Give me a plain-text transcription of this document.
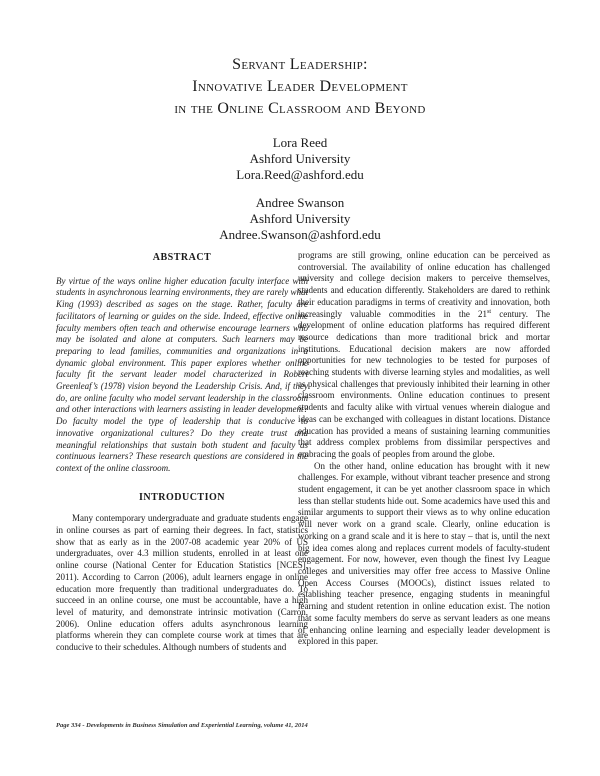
Servant Leadership:
Innovative Leader Development
in the Online Classroom and Beyond
Lora Reed
Ashford University
Lora.Reed@ashford.edu
Andree Swanson
Ashford University
Andree.Swanson@ashford.edu
ABSTRACT

By virtue of the ways online higher education faculty interface with students in asynchronous learning environments, they are rarely what King (1993) described as sages on the stage. Rather, faculty are facilitators of learning or guides on the side. Indeed, effective online faculty members often teach and otherwise encourage learners who may be isolated and alone at computers. Such learners may be preparing to lead families, communities and organizations in a dynamic global environment. This paper explores whether online faculty fit the servant leader model characterized in Robert Greenleaf’s (1978) vision beyond the Leadership Crisis. And, if they do, are online faculty who model servant leadership in the classroom and other interactions with learners assisting in leader development? Do faculty model the type of leadership that is conducive to innovative organizational cultures? Do they create trust and meaningful relationships that sustain both student and faculty as continuous learners? These research questions are considered in the context of the online classroom.

INTRODUCTION

Many contemporary undergraduate and graduate students engage in online courses as part of earning their degrees. In fact, statistics show that as early as in the 2007-08 academic year 20% of US undergraduates, over 4.3 million students, enrolled in at least one online course (National Center for Education Statistics [NCES], 2011). According to Carron (2006), adult learners engage in online education more frequently than traditional undergraduates do. To succeed in an online course, one must be accountable, have a high level of maturity, and demonstrate intrinsic motivation (Carron, 2006). Online education offers adults asynchronous learning platforms wherein they can complete course work at times that are conducive to their schedules. Although numbers of students and

programs are still growing, online education can be perceived as controversial. The availability of online education has challenged university and college decision makers to perceive themselves, students and education differently. Stakeholders are dared to rethink their education paradigms in terms of creativity and innovation, both increasingly valuable commodities in the 21st century. The development of online education platforms has required different resource dedications than more traditional brick and mortar institutions. Educational decision makers are now afforded opportunities for new technologies to be tested for purposes of reaching students with diverse learning styles and modalities, as well as physical challenges that previously inhibited their learning in other classroom environments. Online education continues to present students and faculty alike with virtual venues wherein dialogue and ideas can be exchanged with colleagues in distant locations. Distance education has provided a means of sustaining learning communities that address complex problems from dissimilar perspectives and embracing the goals of peoples from around the globe.

On the other hand, online education has brought with it new challenges. For example, without vibrant teacher presence and strong student engagement, it can be yet another classroom space in which less than stellar students hide out. Some academics have used this and similar arguments to support their views as to why online education will never work on a grand scale. Clearly, online education is working on a grand scale and it is here to stay – that is, until the next big idea comes along and replaces current models of faculty-student engagement. For now, however, even though the finest Ivy League colleges and universities may offer free access to Massive Online Open Access Courses (MOOCs), distinct issues related to establishing teacher presence, engaging students in meaningful learning and student retention in online education exist. The notion that some faculty members do serve as servant leaders as one means of enhancing online learning and especially leader development is explored in this paper.

Page 334 - Developments in Business Simulation and Experiential Learning, volume 41, 2014
